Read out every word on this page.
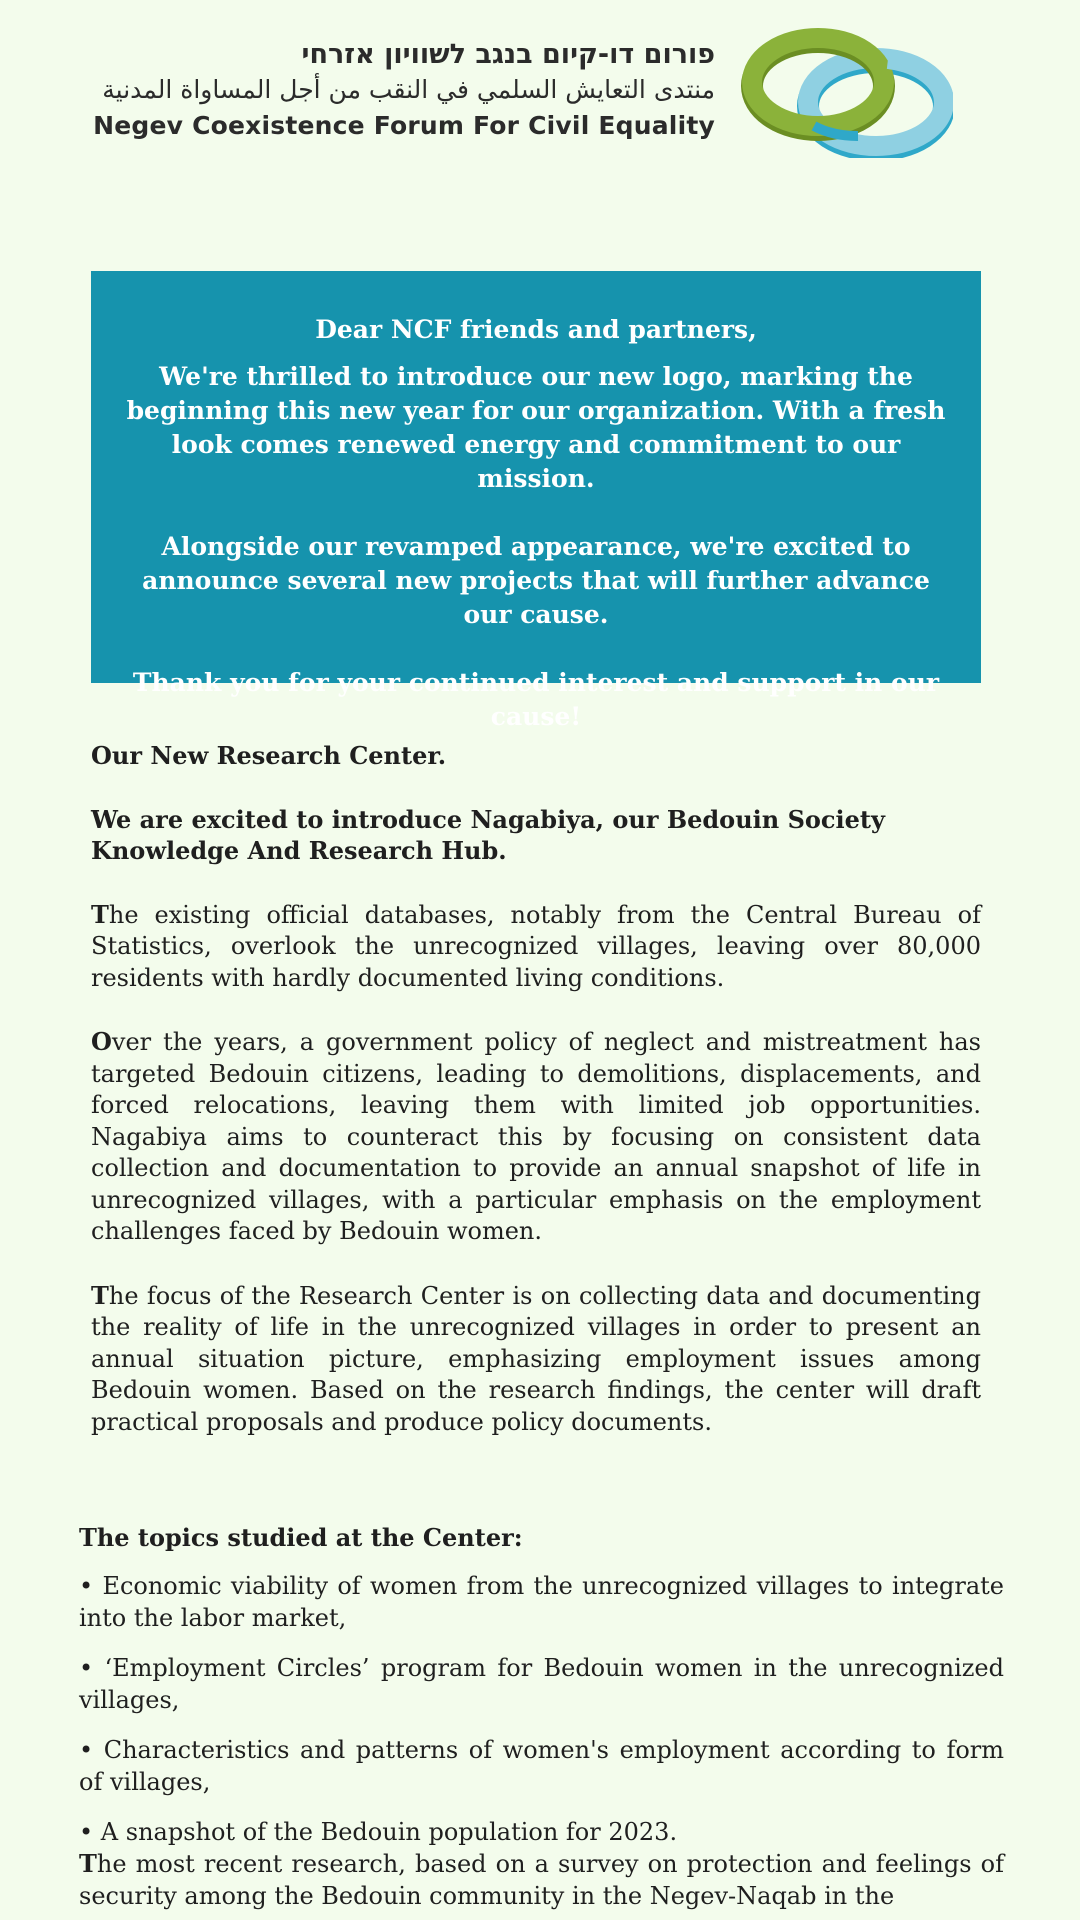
פורום דו-קיום בנגב לשוויון אזרחי
منتدى التعايش السلمي في النقب من أجل المساواة المدنية
Negev Coexistence Forum For Civil Equality

Dear NCF friends and partners,

We're thrilled to introduce our new logo, marking the beginning this new year for our organization. With a fresh look comes renewed energy and commitment to our mission.

Alongside our revamped appearance, we're excited to announce several new projects that will further advance our cause.

Thank you for your continued interest and support in our cause!

Our New Research Center.

We are excited to introduce Nagabiya, our Bedouin Society Knowledge And Research Hub.

The existing official databases, notably from the Central Bureau of Statistics, overlook the unrecognized villages, leaving over 80,000 residents with hardly documented living conditions.

Over the years, a government policy of neglect and mistreatment has targeted Bedouin citizens, leading to demolitions, displacements, and forced relocations, leaving them with limited job opportunities. Nagabiya aims to counteract this by focusing on consistent data collection and documentation to provide an annual snapshot of life in unrecognized villages, with a particular emphasis on the employment challenges faced by Bedouin women.

The focus of the Research Center is on collecting data and documenting the reality of life in the unrecognized villages in order to present an annual situation picture, emphasizing employment issues among Bedouin women. Based on the research findings, the center will draft practical proposals and produce policy documents.

The topics studied at the Center:

• Economic viability of women from the unrecognized villages to integrate into the labor market,

• ‘Employment Circles’ program for Bedouin women in the unrecognized villages,

• Characteristics and patterns of women's employment according to form of villages,

• A snapshot of the Bedouin population for 2023.

The most recent research, based on a survey on protection and feelings of security among the Bedouin community in the Negev-Naqab in the
